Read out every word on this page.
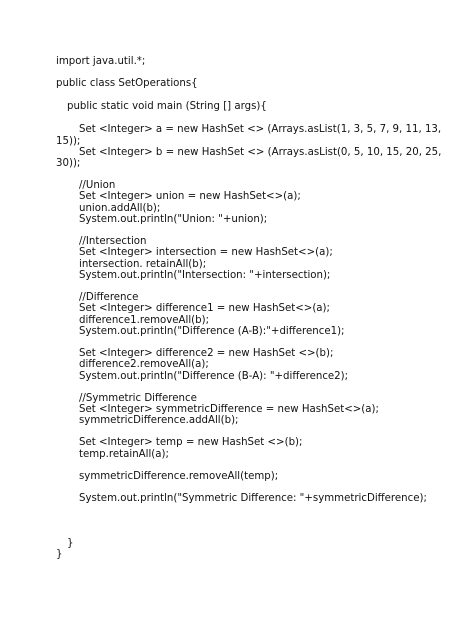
import java.util.*;
public class SetOperations{
public static void main (String [] args){
Set <Integer> a = new HashSet <> (Arrays.asList(1, 3, 5, 7, 9, 11, 13,
15));
Set <Integer> b = new HashSet <> (Arrays.asList(0, 5, 10, 15, 20, 25,
30));
//Union
Set <Integer> union = new HashSet<>(a);
union.addAll(b);
System.out.println("Union: "+union);
//Intersection
Set <Integer> intersection = new HashSet<>(a);
intersection. retainAll(b);
System.out.println("Intersection: "+intersection);
//Difference
Set <Integer> difference1 = new HashSet<>(a);
difference1.removeAll(b);
System.out.println("Difference (A-B):"+difference1);
Set <Integer> difference2 = new HashSet <>(b);
difference2.removeAll(a);
System.out.println("Difference (B-A): "+difference2);
//Symmetric Difference
Set <Integer> symmetricDifference = new HashSet<>(a);
symmetricDifference.addAll(b);
Set <Integer> temp = new HashSet <>(b);
temp.retainAll(a);
symmetricDifference.removeAll(temp);
System.out.println("Symmetric Difference: "+symmetricDifference);
}
}
